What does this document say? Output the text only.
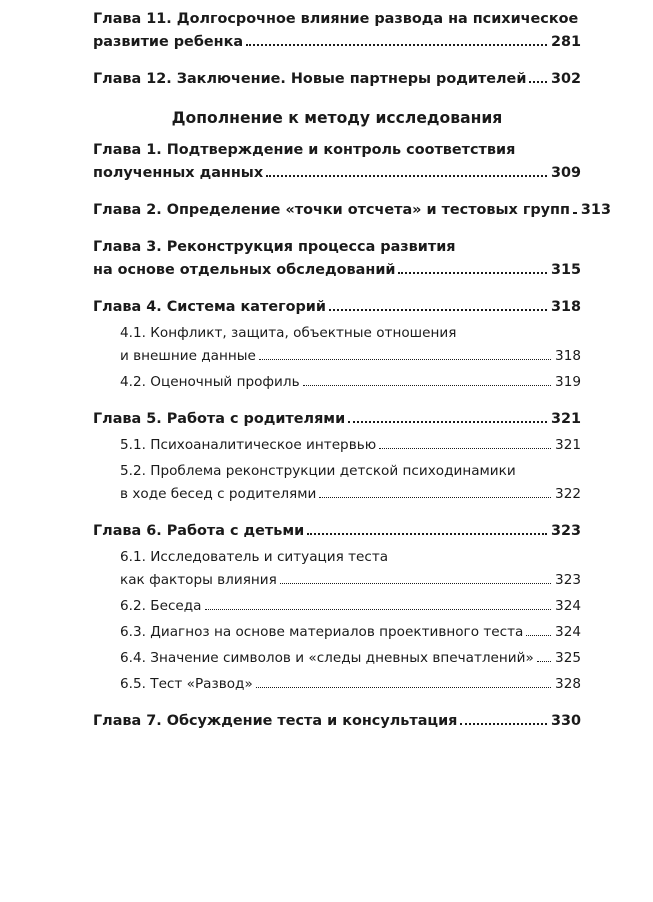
Глава 11. Долгосрочное влияние развода на психическое
развитие ребенка	281
Глава 12. Заключение. Новые партнеры родителей 302
Дополнение к методу исследования
Глава 1. Подтверждение и контроль соответствия
полученных данных	309
Глава 2. Определение «точки отсчета» и тестовых групп 313
Глава 3. Реконструкция процесса развития
на основе отдельных обследований	315
Глава 4. Система категорий	318
4.1. Конфликт, защита, объектные отношения
и внешние данные	318
4.2. Оценочный профиль	319
Глава 5. Работа с родителями	321
5.1. Психоаналитическое интервью	321
5.2. Проблема реконструкции детской психодинамики
в ходе бесед с родителями	322
Глава 6. Работа с детьми	323
6.1. Исследователь и ситуация теста
как факторы влияния	323
6.2. Беседа	324
6.3. Диагноз на основе материалов проективного теста 324
6.4. Значение символов и «следы дневных впечатлений» 325
6.5. Тест «Развод»	328
Глава 7. Обсуждение теста и консультация	330
